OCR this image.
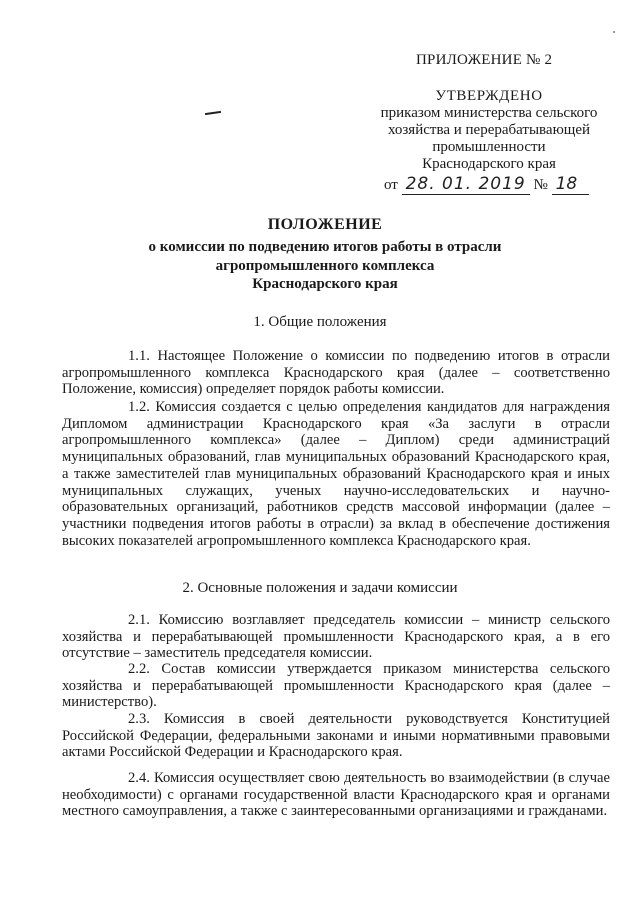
ПРИЛОЖЕНИЕ № 2
УТВЕРЖДЕНО
приказом министерства сельского
хозяйства и перерабатывающей
промышленности
Краснодарского края
от 28. 01. 2019 № 18
ПОЛОЖЕНИЕ
о комиссии по подведению итогов работы в отрасли
агропромышленного комплекса
Краснодарского края
1. Общие положения

1.1. Настоящее Положение о комиссии по подведению итогов в отрасли агропромышленного комплекса Краснодарского края (далее – соответственно Положение, комиссия) определяет порядок работы комиссии.

1.2. Комиссия создается с целью определения кандидатов для награждения Дипломом администрации Краснодарского края «За заслуги в отрасли агропромышленного комплекса» (далее – Диплом) среди администраций муниципальных образований, глав муниципальных образований Краснодарского края, а также заместителей глав муниципальных образований Краснодарского края и иных муниципальных служащих, ученых научно-исследовательских и научно-образовательных организаций, работников средств массовой информации (далее – участники подведения итогов работы в отрасли) за вклад в обеспечение достижения высоких показателей агропромышленного комплекса Краснодарского края.

2. Основные положения и задачи комиссии

2.1. Комиссию возглавляет председатель комиссии – министр сельского хозяйства и перерабатывающей промышленности Краснодарского края, а в его отсутствие – заместитель председателя комиссии.

2.2. Состав комиссии утверждается приказом министерства сельского хозяйства и перерабатывающей промышленности Краснодарского края (далее – министерство).

2.3. Комиссия в своей деятельности руководствуется Конституцией Российской Федерации, федеральными законами и иными нормативными правовыми актами Российской Федерации и Краснодарского края.

2.4. Комиссия осуществляет свою деятельность во взаимодействии (в случае необходимости) с органами государственной власти Краснодарского края и органами местного самоуправления, а также с заинтересованными организациями и гражданами.
